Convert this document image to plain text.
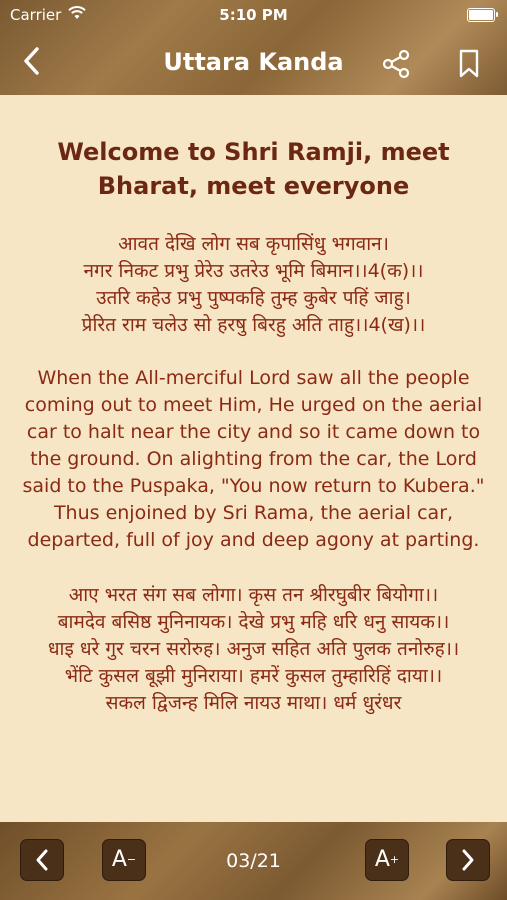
Carrier	5:10 PM
Uttara Kanda
Welcome to Shri Ramji, meet Bharat, meet everyone
आवत देखि लोग सब कृपासिंधु भगवान।
नगर निकट प्रभु प्रेरेउ उतरेउ भूमि बिमान।।4(क)।।
उतरि कहेउ प्रभु पुष्पकहि तुम्ह कुबेर पहिं जाहु।
प्रेरित राम चलेउ सो हरषु बिरहु अति ताहु।।4(ख)।।
When the All-merciful Lord saw all the people coming out to meet Him, He urged on the aerial car to halt near the city and so it came down to the ground. On alighting from the car, the Lord said to the Puspaka, "You now return to Kubera." Thus enjoined by Sri Rama, the aerial car, departed, full of joy and deep agony at parting.
आए भरत संग सब लोगा। कृस तन श्रीरघुबीर बियोगा।।
बामदेव बसिष्ठ मुनिनायक। देखे प्रभु महि धरि धनु सायक।।
धाइ धरे गुर चरन सरोरुह। अनुज सहित अति पुलक तनोरुह।।
भेंटि कुसल बूझी मुनिराया। हमरें कुसल तुम्हारिहिं दाया।।
सकल द्विजन्ह मिलि नायउ माथा। धर्म धुरंधर
A−	03/21	A+
